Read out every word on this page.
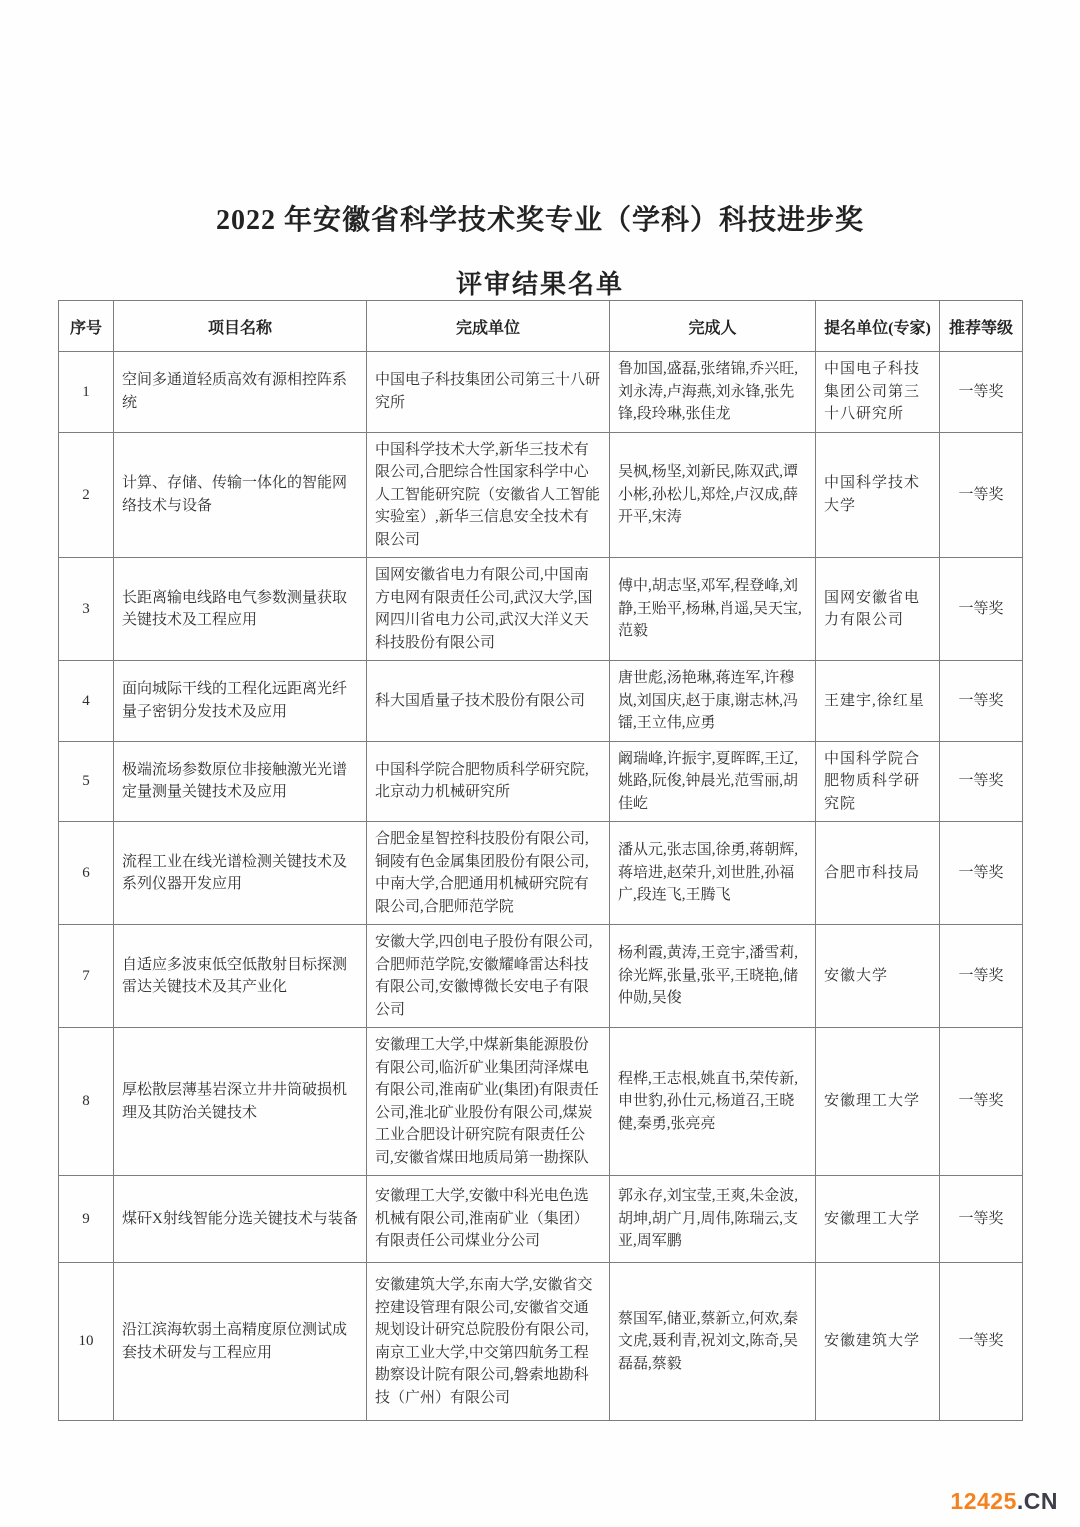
2022 年安徽省科学技术奖专业（学科）科技进步奖
评审结果名单
序号	项目名称	完成单位	完成人	提名单位(专家)	推荐等级
1	空间多通道轻质高效有源相控阵系统	中国电子科技集团公司第三十八研究所	鲁加国,盛磊,张绪锦,乔兴旺,刘永涛,卢海燕,刘永锋,张先锋,段玲琳,张佳龙	中国电子科技集团公司第三十八研究所	一等奖
2	计算、存储、传输一体化的智能网络技术与设备	中国科学技术大学,新华三技术有限公司,合肥综合性国家科学中心人工智能研究院（安徽省人工智能实验室）,新华三信息安全技术有限公司	吴枫,杨坚,刘新民,陈双武,谭小彬,孙松儿,郑烇,卢汉成,薛开平,宋涛	中国科学技术大学	一等奖
3	长距离输电线路电气参数测量获取关键技术及工程应用	国网安徽省电力有限公司,中国南方电网有限责任公司,武汉大学,国网四川省电力公司,武汉大洋义天科技股份有限公司	傅中,胡志坚,邓军,程登峰,刘静,王贻平,杨琳,肖遥,吴天宝,范毅	国网安徽省电力有限公司	一等奖
4	面向城际干线的工程化远距离光纤量子密钥分发技术及应用	科大国盾量子技术股份有限公司	唐世彪,汤艳琳,蒋连军,许穆岚,刘国庆,赵于康,谢志林,冯镭,王立伟,应勇	王建宇,徐红星	一等奖
5	极端流场参数原位非接触激光光谱定量测量关键技术及应用	中国科学院合肥物质科学研究院,北京动力机械研究所	阚瑞峰,许振宇,夏晖晖,王辽,姚路,阮俊,钟晨光,范雪丽,胡佳屹	中国科学院合肥物质科学研究院	一等奖
6	流程工业在线光谱检测关键技术及系列仪器开发应用	合肥金星智控科技股份有限公司,铜陵有色金属集团股份有限公司,中南大学,合肥通用机械研究院有限公司,合肥师范学院	潘从元,张志国,徐勇,蒋朝辉,蒋培进,赵荣升,刘世胜,孙福广,段连飞,王腾飞	合肥市科技局	一等奖
7	自适应多波束低空低散射目标探测雷达关键技术及其产业化	安徽大学,四创电子股份有限公司,合肥师范学院,安徽耀峰雷达科技有限公司,安徽博微长安电子有限公司	杨利霞,黄涛,王竞宇,潘雪莉,徐光辉,张量,张平,王晓艳,储仲勋,吴俊	安徽大学	一等奖
8	厚松散层薄基岩深立井井筒破损机理及其防治关键技术	安徽理工大学,中煤新集能源股份有限公司,临沂矿业集团菏泽煤电有限公司,淮南矿业(集团)有限责任公司,淮北矿业股份有限公司,煤炭工业合肥设计研究院有限责任公司,安徽省煤田地质局第一勘探队	程桦,王志根,姚直书,荣传新,申世豹,孙仕元,杨道召,王晓健,秦勇,张亮亮	安徽理工大学	一等奖
9	煤矸X射线智能分选关键技术与装备	安徽理工大学,安徽中科光电色选机械有限公司,淮南矿业（集团）有限责任公司煤业分公司	郭永存,刘宝莹,王爽,朱金波,胡坤,胡广月,周伟,陈瑞云,支亚,周军鹏	安徽理工大学	一等奖
10	沿江滨海软弱土高精度原位测试成套技术研发与工程应用	安徽建筑大学,东南大学,安徽省交控建设管理有限公司,安徽省交通规划设计研究总院股份有限公司,南京工业大学,中交第四航务工程勘察设计院有限公司,磐索地勘科技（广州）有限公司	蔡国军,储亚,蔡新立,何欢,秦文虎,聂利青,祝刘文,陈奇,吴磊磊,蔡毅	安徽建筑大学	一等奖
12425.CN
